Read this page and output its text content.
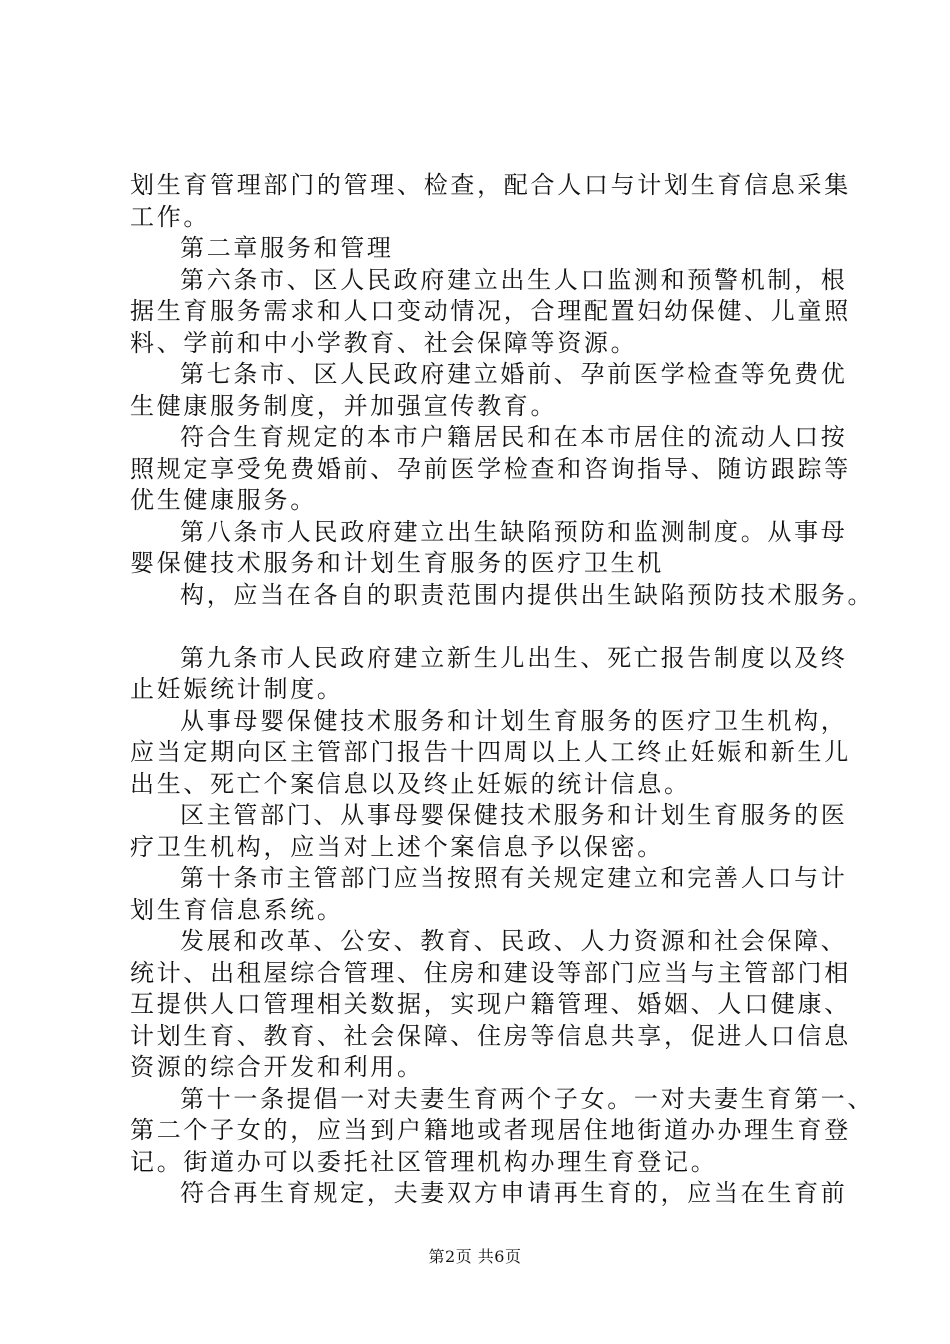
划生育管理部门的管理、检查，配合人口与计划生育信息采集
工作。
第二章服务和管理
第六条市、区人民政府建立出生人口监测和预警机制，根
据生育服务需求和人口变动情况，合理配置妇幼保健、儿童照
料、学前和中小学教育、社会保障等资源。
第七条市、区人民政府建立婚前、孕前医学检查等免费优
生健康服务制度，并加强宣传教育。
符合生育规定的本市户籍居民和在本市居住的流动人口按
照规定享受免费婚前、孕前医学检查和咨询指导、随访跟踪等
优生健康服务。
第八条市人民政府建立出生缺陷预防和监测制度。从事母
婴保健技术服务和计划生育服务的医疗卫生机
构，应当在各自的职责范围内提供出生缺陷预防技术服务。
第九条市人民政府建立新生儿出生、死亡报告制度以及终
止妊娠统计制度。
从事母婴保健技术服务和计划生育服务的医疗卫生机构，
应当定期向区主管部门报告十四周以上人工终止妊娠和新生儿
出生、死亡个案信息以及终止妊娠的统计信息。
区主管部门、从事母婴保健技术服务和计划生育服务的医
疗卫生机构，应当对上述个案信息予以保密。
第十条市主管部门应当按照有关规定建立和完善人口与计
划生育信息系统。
发展和改革、公安、教育、民政、人力资源和社会保障、
统计、出租屋综合管理、住房和建设等部门应当与主管部门相
互提供人口管理相关数据，实现户籍管理、婚姻、人口健康、
计划生育、教育、社会保障、住房等信息共享，促进人口信息
资源的综合开发和利用。
第十一条提倡一对夫妻生育两个子女。一对夫妻生育第一、
第二个子女的，应当到户籍地或者现居住地街道办办理生育登
记。街道办可以委托社区管理机构办理生育登记。
符合再生育规定，夫妻双方申请再生育的，应当在生育前
第2页 共6页
